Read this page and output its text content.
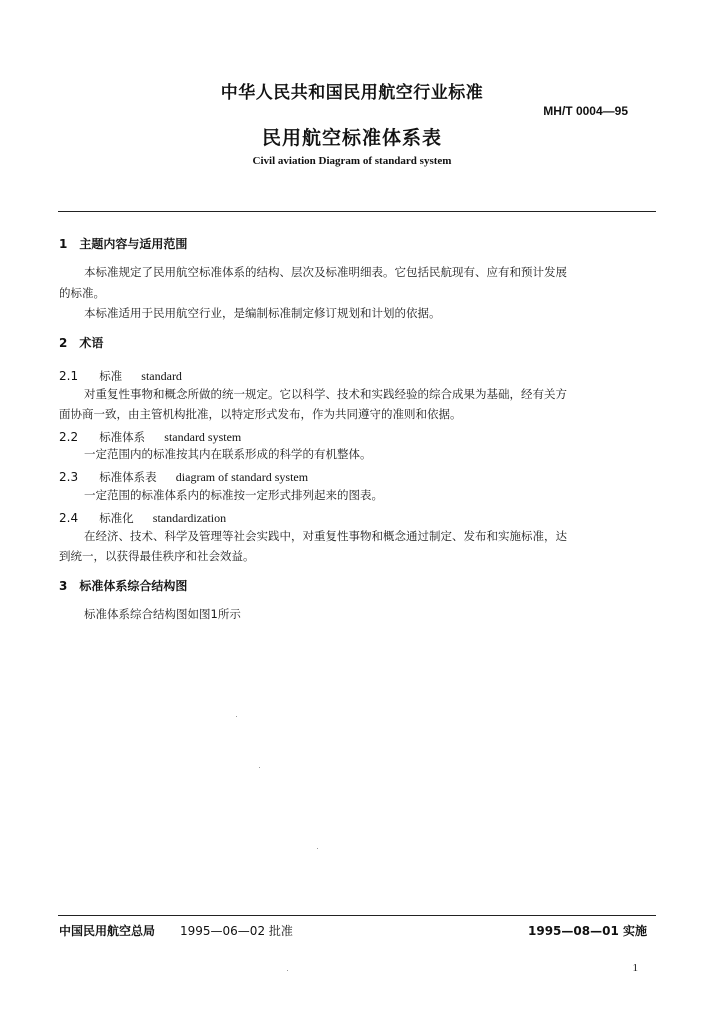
中华人民共和国民用航空行业标准
MH/T 0004—95
民用航空标准体系表
Civil aviation Diagram of standard system
1　主题内容与适用范围
本标准规定了民用航空标准体系的结构、层次及标准明细表。它包括民航现有、应有和预计发展
的标准。
本标准适用于民用航空行业，是编制标准制定修订规划和计划的依据。
2　术语
2.1 标准 standard
对重复性事物和概念所做的统一规定。它以科学、技术和实践经验的综合成果为基础，经有关方
面协商一致，由主管机构批准，以特定形式发布，作为共同遵守的准则和依据。
2.2 标准体系 standard system
一定范围内的标准按其内在联系形成的科学的有机整体。
2.3 标准体系表 diagram of standard system
一定范围的标准体系内的标准按一定形式排列起来的图表。
2.4 标准化 standardization
在经济、技术、科学及管理等社会实践中，对重复性事物和概念通过制定、发布和实施标准，达
到统一，以获得最佳秩序和社会效益。
3　标准体系综合结构图
标准体系综合结构图如图1所示
中国民用航空总局 1995—06—02 批准	1995—08—01 实施
1
